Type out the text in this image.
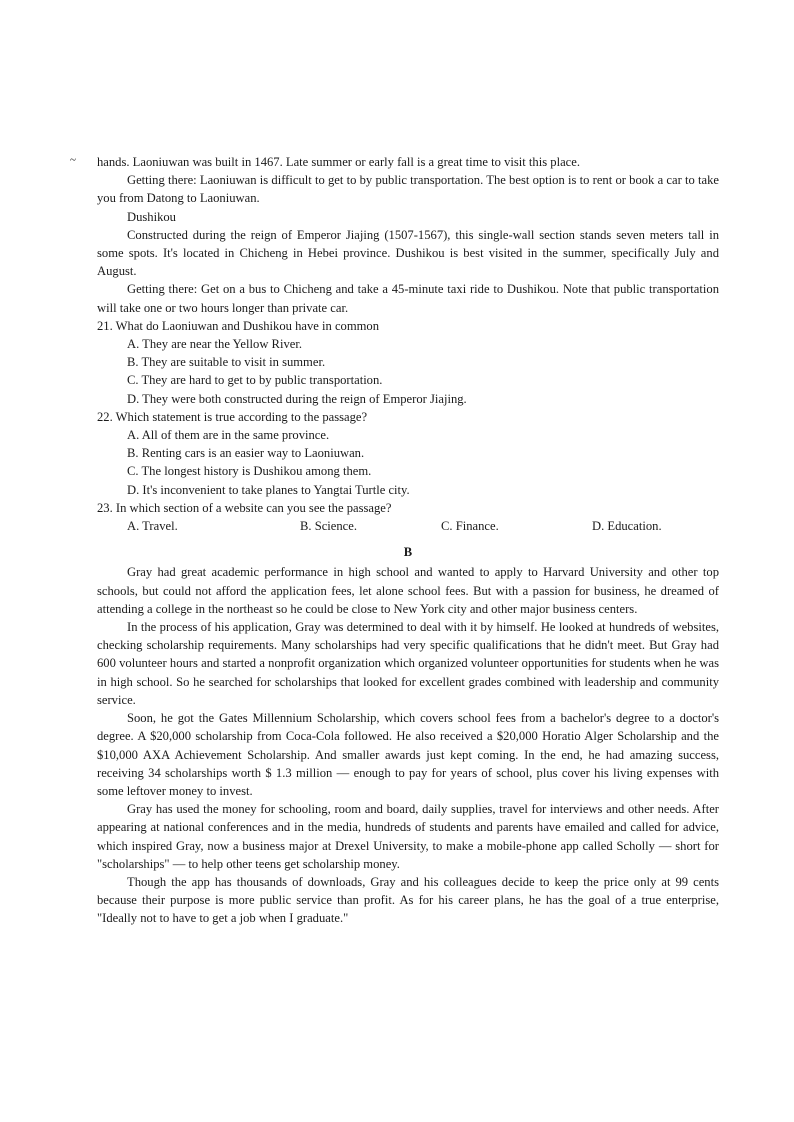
~ hands. Laoniuwan was built in 1467. Late summer or early fall is a great time to visit this place.

Getting there: Laoniuwan is difficult to get to by public transportation. The best option is to rent or book a car to take you from Datong to Laoniuwan.

Dushikou

Constructed during the reign of Emperor Jiajing (1507-1567), this single-wall section stands seven meters tall in some spots. It's located in Chicheng in Hebei province. Dushikou is best visited in the summer, specifically July and August.

Getting there: Get on a bus to Chicheng and take a 45-minute taxi ride to Dushikou. Note that public transportation will take one or two hours longer than private car.

21. What do Laoniuwan and Dushikou have in common

A. They are near the Yellow River.

B. They are suitable to visit in summer.

C. They are hard to get to by public transportation.

D. They were both constructed during the reign of Emperor Jiajing.

22. Which statement is true according to the passage?

A. All of them are in the same province.

B. Renting cars is an easier way to Laoniuwan.

C. The longest history is Dushikou among them.

D. It's inconvenient to take planes to Yangtai Turtle city.

23. In which section of a website can you see the passage?

A. Travel.	B. Science.	C. Finance.	D. Education.
B

Gray had great academic performance in high school and wanted to apply to Harvard University and other top schools, but could not afford the application fees, let alone school fees. But with a passion for business, he dreamed of attending a college in the northeast so he could be close to New York city and other major business centers.

In the process of his application, Gray was determined to deal with it by himself. He looked at hundreds of websites, checking scholarship requirements. Many scholarships had very specific qualifications that he didn't meet. But Gray had 600 volunteer hours and started a nonprofit organization which organized volunteer opportunities for students when he was in high school. So he searched for scholarships that looked for excellent grades combined with leadership and community service.

Soon, he got the Gates Millennium Scholarship, which covers school fees from a bachelor's degree to a doctor's degree. A $20,000 scholarship from Coca-Cola followed. He also received a $20,000 Horatio Alger Scholarship and the $10,000 AXA Achievement Scholarship. And smaller awards just kept coming. In the end, he had amazing success, receiving 34 scholarships worth $ 1.3 million — enough to pay for years of school, plus cover his living expenses with some leftover money to invest.

Gray has used the money for schooling, room and board, daily supplies, travel for interviews and other needs. After appearing at national conferences and in the media, hundreds of students and parents have emailed and called for advice, which inspired Gray, now a business major at Drexel University, to make a mobile-phone app called Scholly — short for "scholarships" — to help other teens get scholarship money.

Though the app has thousands of downloads, Gray and his colleagues decide to keep the price only at 99 cents because their purpose is more public service than profit. As for his career plans, he has the goal of a true enterprise, "Ideally not to have to get a job when I graduate."
